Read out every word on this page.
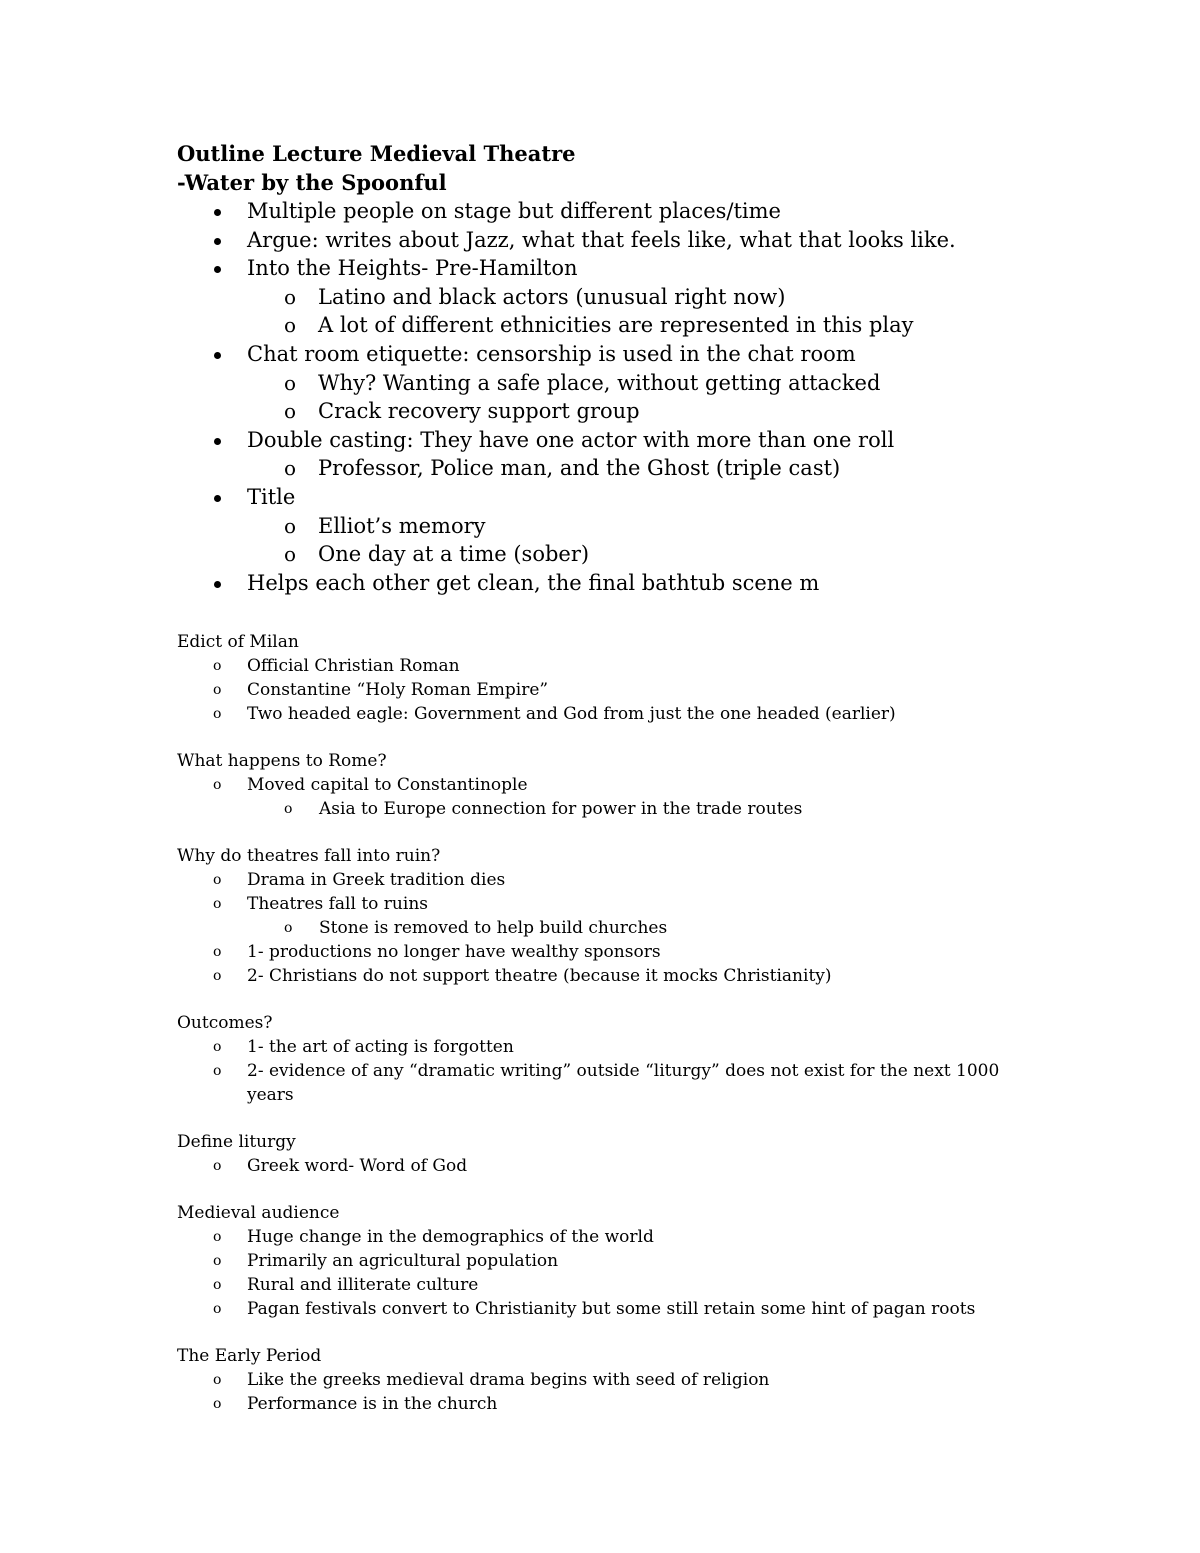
Outline Lecture Medieval Theatre
-Water by the Spoonful
Multiple people on stage but different places/time
Argue: writes about Jazz, what that feels like, what that looks like.
Into the Heights- Pre-Hamilton
o Latino and black actors (unusual right now)
o A lot of different ethnicities are represented in this play
Chat room etiquette: censorship is used in the chat room
o Why? Wanting a safe place, without getting attacked
o Crack recovery support group
Double casting: They have one actor with more than one roll
o Professor, Police man, and the Ghost (triple cast)
Title
o Elliot’s memory
o One day at a time (sober)
Helps each other get clean, the final bathtub scene m
Edict of Milan
o Official Christian Roman
o Constantine “Holy Roman Empire”
o Two headed eagle: Government and God from just the one headed (earlier)
What happens to Rome?
o Moved capital to Constantinople
o Asia to Europe connection for power in the trade routes
Why do theatres fall into ruin?
o Drama in Greek tradition dies
o Theatres fall to ruins
o Stone is removed to help build churches
o 1- productions no longer have wealthy sponsors
o 2- Christians do not support theatre (because it mocks Christianity)
Outcomes?
o 1- the art of acting is forgotten
o 2- evidence of any “dramatic writing” outside “liturgy” does not exist for the next 1000 years
Define liturgy
o Greek word- Word of God
Medieval audience
o Huge change in the demographics of the world
o Primarily an agricultural population
o Rural and illiterate culture
o Pagan festivals convert to Christianity but some still retain some hint of pagan roots
The Early Period
o Like the greeks medieval drama begins with seed of religion
o Performance is in the church
